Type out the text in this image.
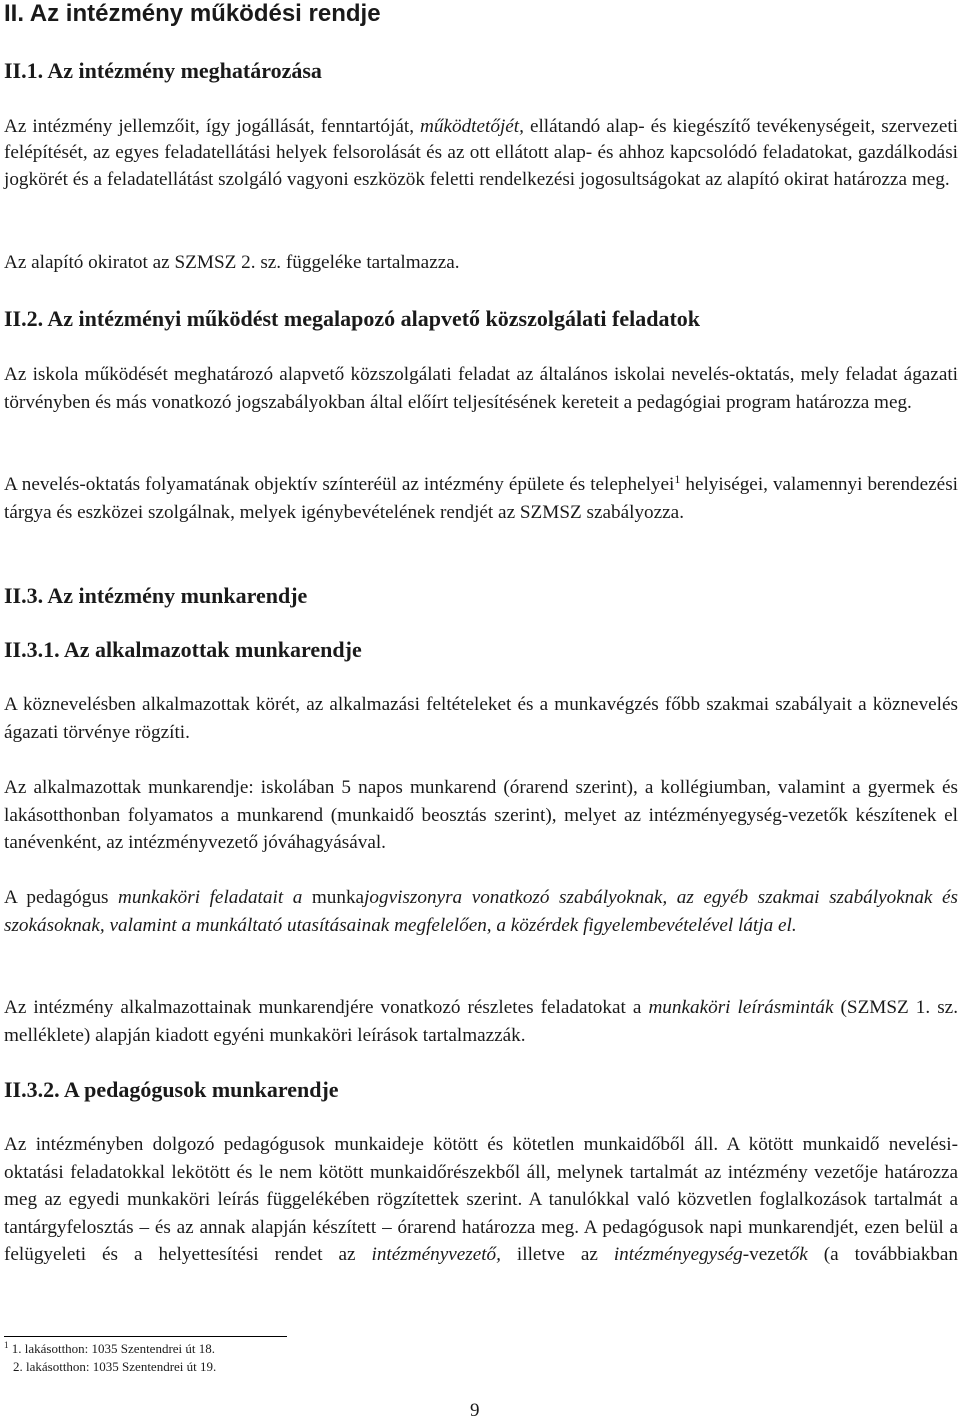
II. Az intézmény működési rendje
II.1. Az intézmény meghatározása

Az intézmény jellemzőit, így jogállását, fenntartóját, működtetőjét, ellátandó alap- és kiegészítő tevékenységeit, szervezeti felépítését, az egyes feladatellátási helyek felsorolását és az ott ellátott alap- és ahhoz kapcsolódó feladatokat, gazdálkodási jogkörét és a feladatellátást szolgáló vagyoni eszközök feletti rendelkezési jogosultságokat az alapító okirat határozza meg.

Az alapító okiratot az SZMSZ 2. sz. függeléke tartalmazza.

II.2. Az intézményi működést megalapozó alapvető közszolgálati feladatok

Az iskola működését meghatározó alapvető közszolgálati feladat az általános iskolai nevelés-oktatás, mely feladat ágazati törvényben és más vonatkozó jogszabályokban által előírt teljesítésének kereteit a pedagógiai program határozza meg.

A nevelés-oktatás folyamatának objektív színteréül az intézmény épülete és telephelyei$^1$ helyiségei, valamennyi berendezési tárgya és eszközei szolgálnak, melyek igénybevételének rendjét az SZMSZ szabályozza.

II.3. Az intézmény munkarendje
II.3.1. Az alkalmazottak munkarendje

A köznevelésben alkalmazottak körét, az alkalmazási feltételeket és a munkavégzés főbb szakmai szabályait a köznevelés ágazati törvénye rögzíti.

Az alkalmazottak munkarendje: iskolában 5 napos munkarend (órarend szerint), a kollégiumban, valamint a gyermek és lakásotthonban folyamatos a munkarend (munkaidő beosztás szerint), melyet az intézményegység-vezetők készítenek el tanévenként, az intézményvezető jóváhagyásával.

A pedagógus munkaköri feladatait a munkajogviszonyra vonatkozó szabályoknak, az egyéb szakmai szabályoknak és szokásoknak, valamint a munkáltató utasításainak megfelelően, a közérdek figyelembevételével látja el.

Az intézmény alkalmazottainak munkarendjére vonatkozó részletes feladatokat a munkaköri leírásminták (SZMSZ 1. sz. melléklete) alapján kiadott egyéni munkaköri leírások tartalmazzák.

II.3.2. A pedagógusok munkarendje

Az intézményben dolgozó pedagógusok munkaideje kötött és kötetlen munkaidőből áll. A kötött munkaidő nevelési-oktatási feladatokkal lekötött és le nem kötött munkaidőrészekből áll, melynek tartalmát az intézmény vezetője határozza meg az egyedi munkaköri leírás függelékében rögzítettek szerint. A tanulókkal való közvetlen foglalkozások tartalmát a tantárgyfelosztás – és az annak alapján készített – órarend határozza meg. A pedagógusok napi munkarendjét, ezen belül a felügyeleti és a helyettesítési rendet az intézményvezető, illetve az intézményegység-vezetők (a továbbiakban

$^1$ 1. lakásotthon: 1035 Szentendrei út 18.

2. lakásotthon: 1035 Szentendrei út 19.

9
